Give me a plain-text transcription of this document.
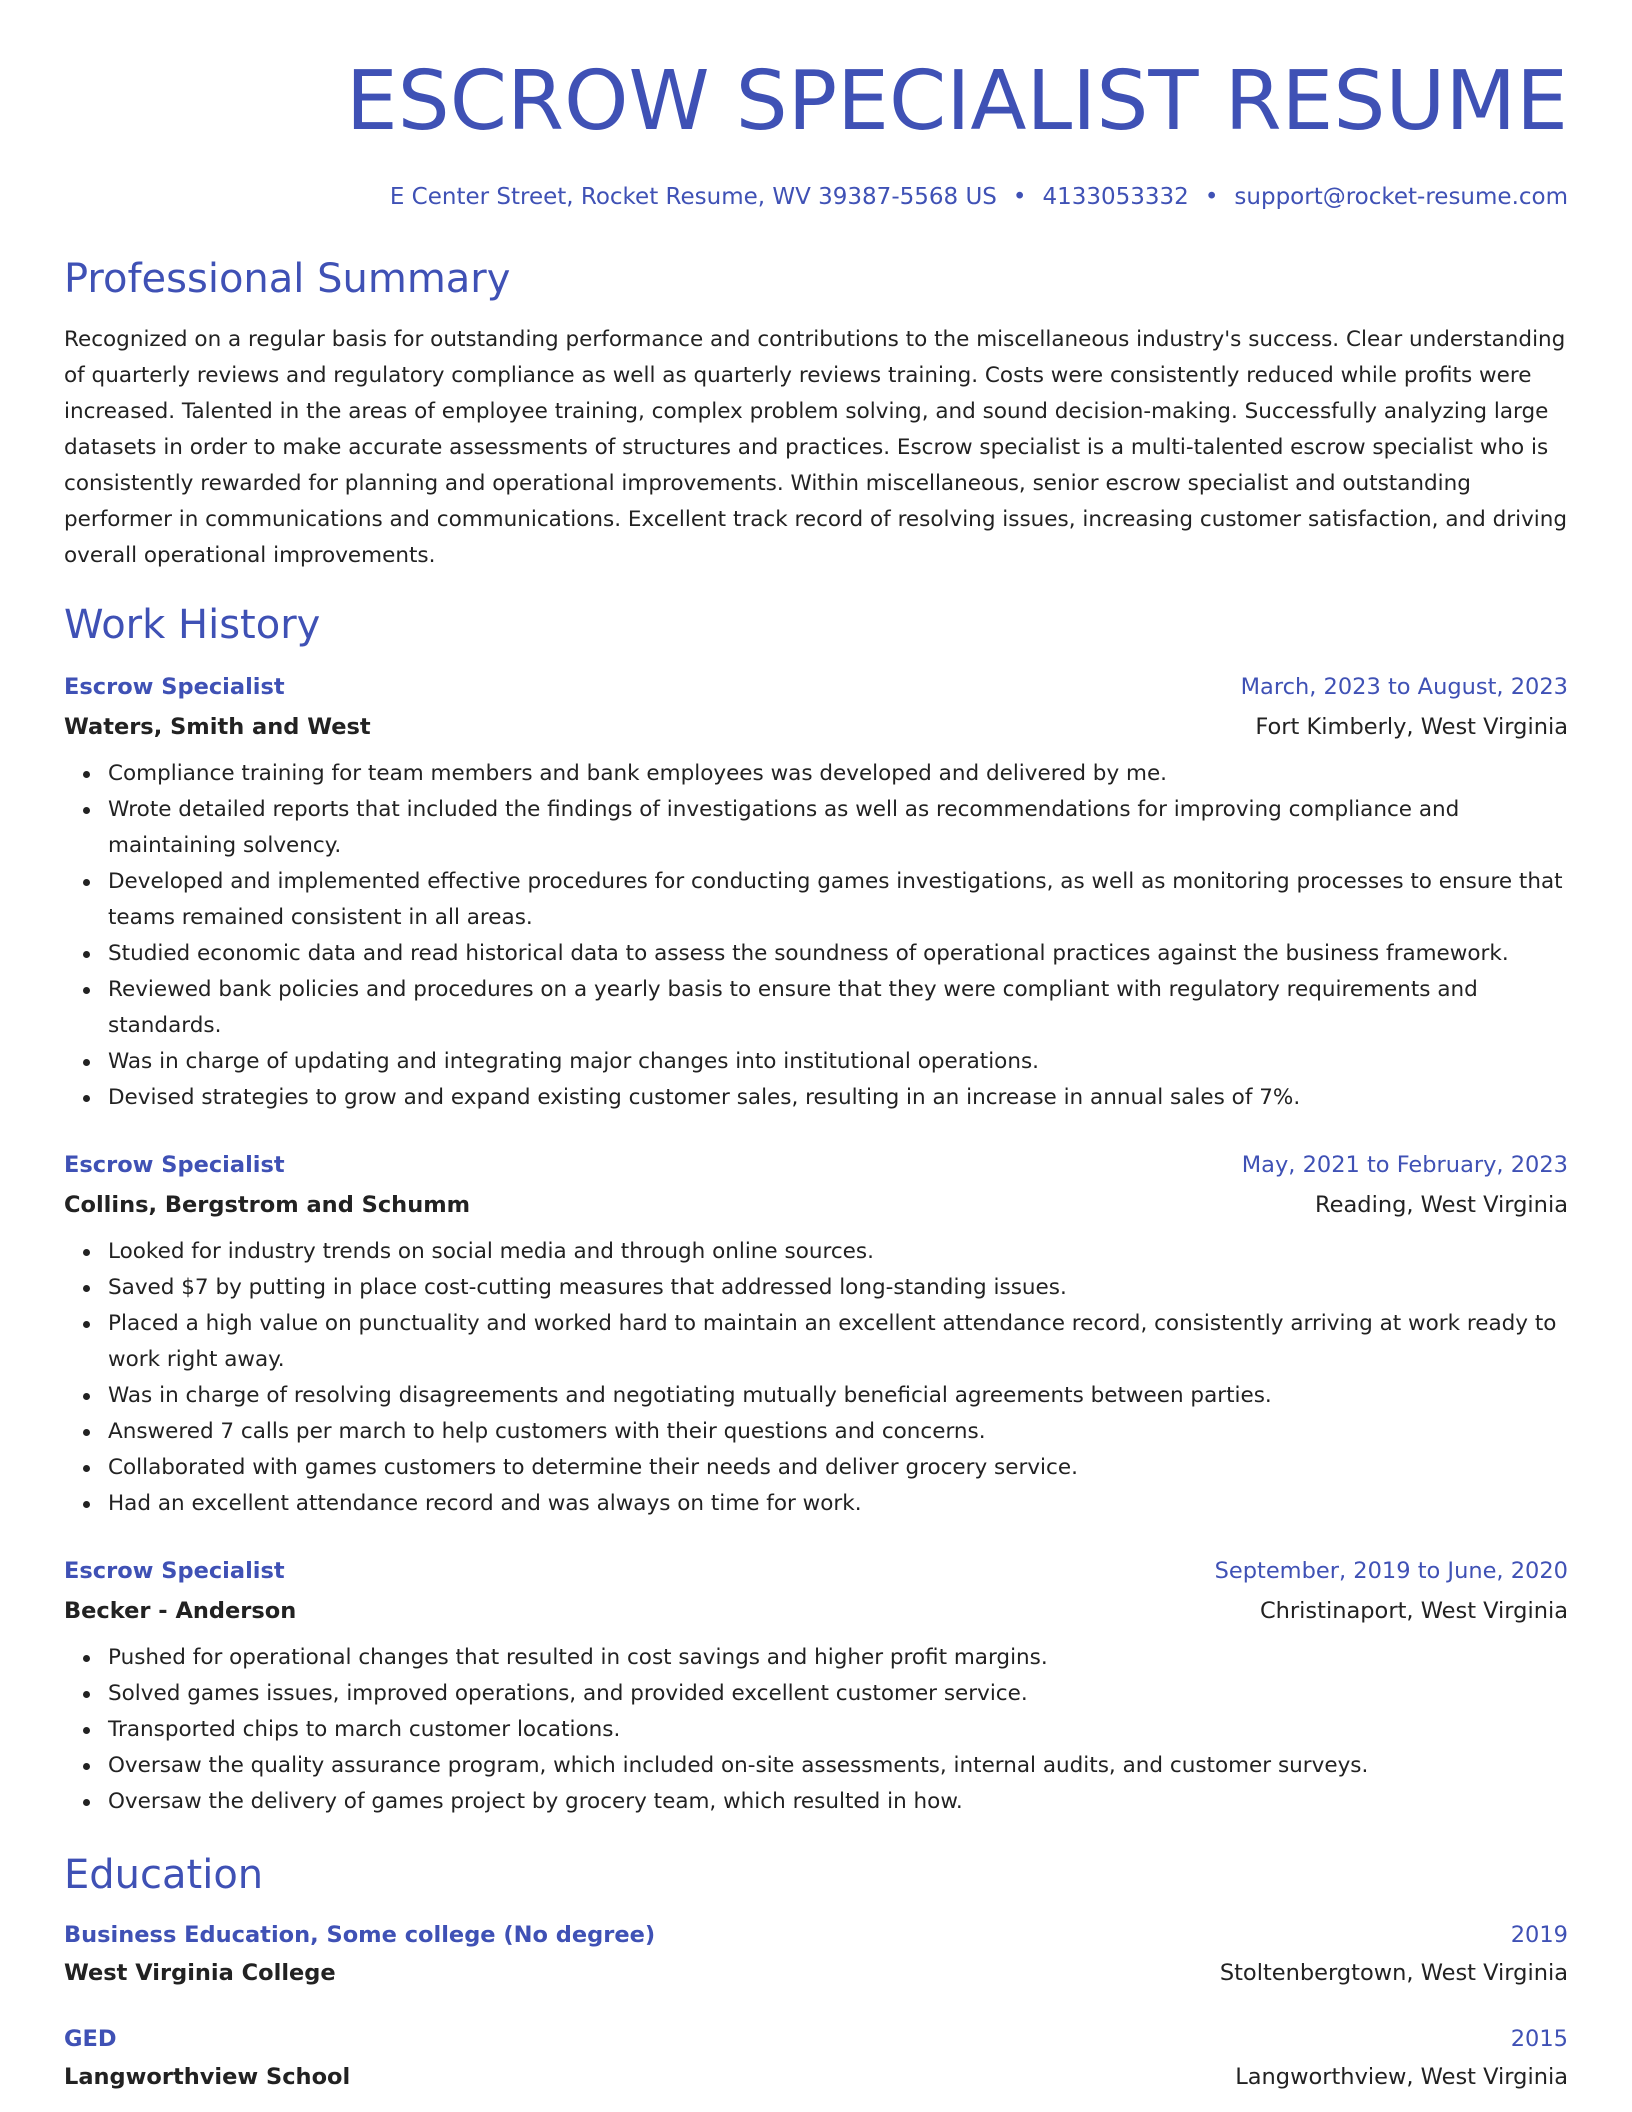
ESCROW SPECIALIST RESUME
E Center Street, Rocket Resume, WV 39387-5568 US • 4133053332 • support@rocket-resume.com
Professional Summary
Recognized on a regular basis for outstanding performance and contributions to the miscellaneous industry's success. Clear understanding of quarterly reviews and regulatory compliance as well as quarterly reviews training. Costs were consistently reduced while profits were increased. Talented in the areas of employee training, complex problem solving, and sound decision-making. Successfully analyzing large datasets in order to make accurate assessments of structures and practices. Escrow specialist is a multi-talented escrow specialist who is consistently rewarded for planning and operational improvements. Within miscellaneous, senior escrow specialist and outstanding performer in communications and communications. Excellent track record of resolving issues, increasing customer satisfaction, and driving overall operational improvements.
Work History
Escrow Specialist	March, 2023 to August, 2023
Waters, Smith and West	Fort Kimberly, West Virginia
Compliance training for team members and bank employees was developed and delivered by me.
Wrote detailed reports that included the findings of investigations as well as recommendations for improving compliance and maintaining solvency.
Developed and implemented effective procedures for conducting games investigations, as well as monitoring processes to ensure that teams remained consistent in all areas.
Studied economic data and read historical data to assess the soundness of operational practices against the business framework.
Reviewed bank policies and procedures on a yearly basis to ensure that they were compliant with regulatory requirements and standards.
Was in charge of updating and integrating major changes into institutional operations.
Devised strategies to grow and expand existing customer sales, resulting in an increase in annual sales of 7%.
Escrow Specialist	May, 2021 to February, 2023
Collins, Bergstrom and Schumm	Reading, West Virginia
Looked for industry trends on social media and through online sources.
Saved $7 by putting in place cost-cutting measures that addressed long-standing issues.
Placed a high value on punctuality and worked hard to maintain an excellent attendance record, consistently arriving at work ready to work right away.
Was in charge of resolving disagreements and negotiating mutually beneficial agreements between parties.
Answered 7 calls per march to help customers with their questions and concerns.
Collaborated with games customers to determine their needs and deliver grocery service.
Had an excellent attendance record and was always on time for work.
Escrow Specialist	September, 2019 to June, 2020
Becker - Anderson	Christinaport, West Virginia
Pushed for operational changes that resulted in cost savings and higher profit margins.
Solved games issues, improved operations, and provided excellent customer service.
Transported chips to march customer locations.
Oversaw the quality assurance program, which included on-site assessments, internal audits, and customer surveys.
Oversaw the delivery of games project by grocery team, which resulted in how.
Education
Business Education, Some college (No degree)	2019
West Virginia College	Stoltenbergtown, West Virginia
GED	2015
Langworthview School	Langworthview, West Virginia
